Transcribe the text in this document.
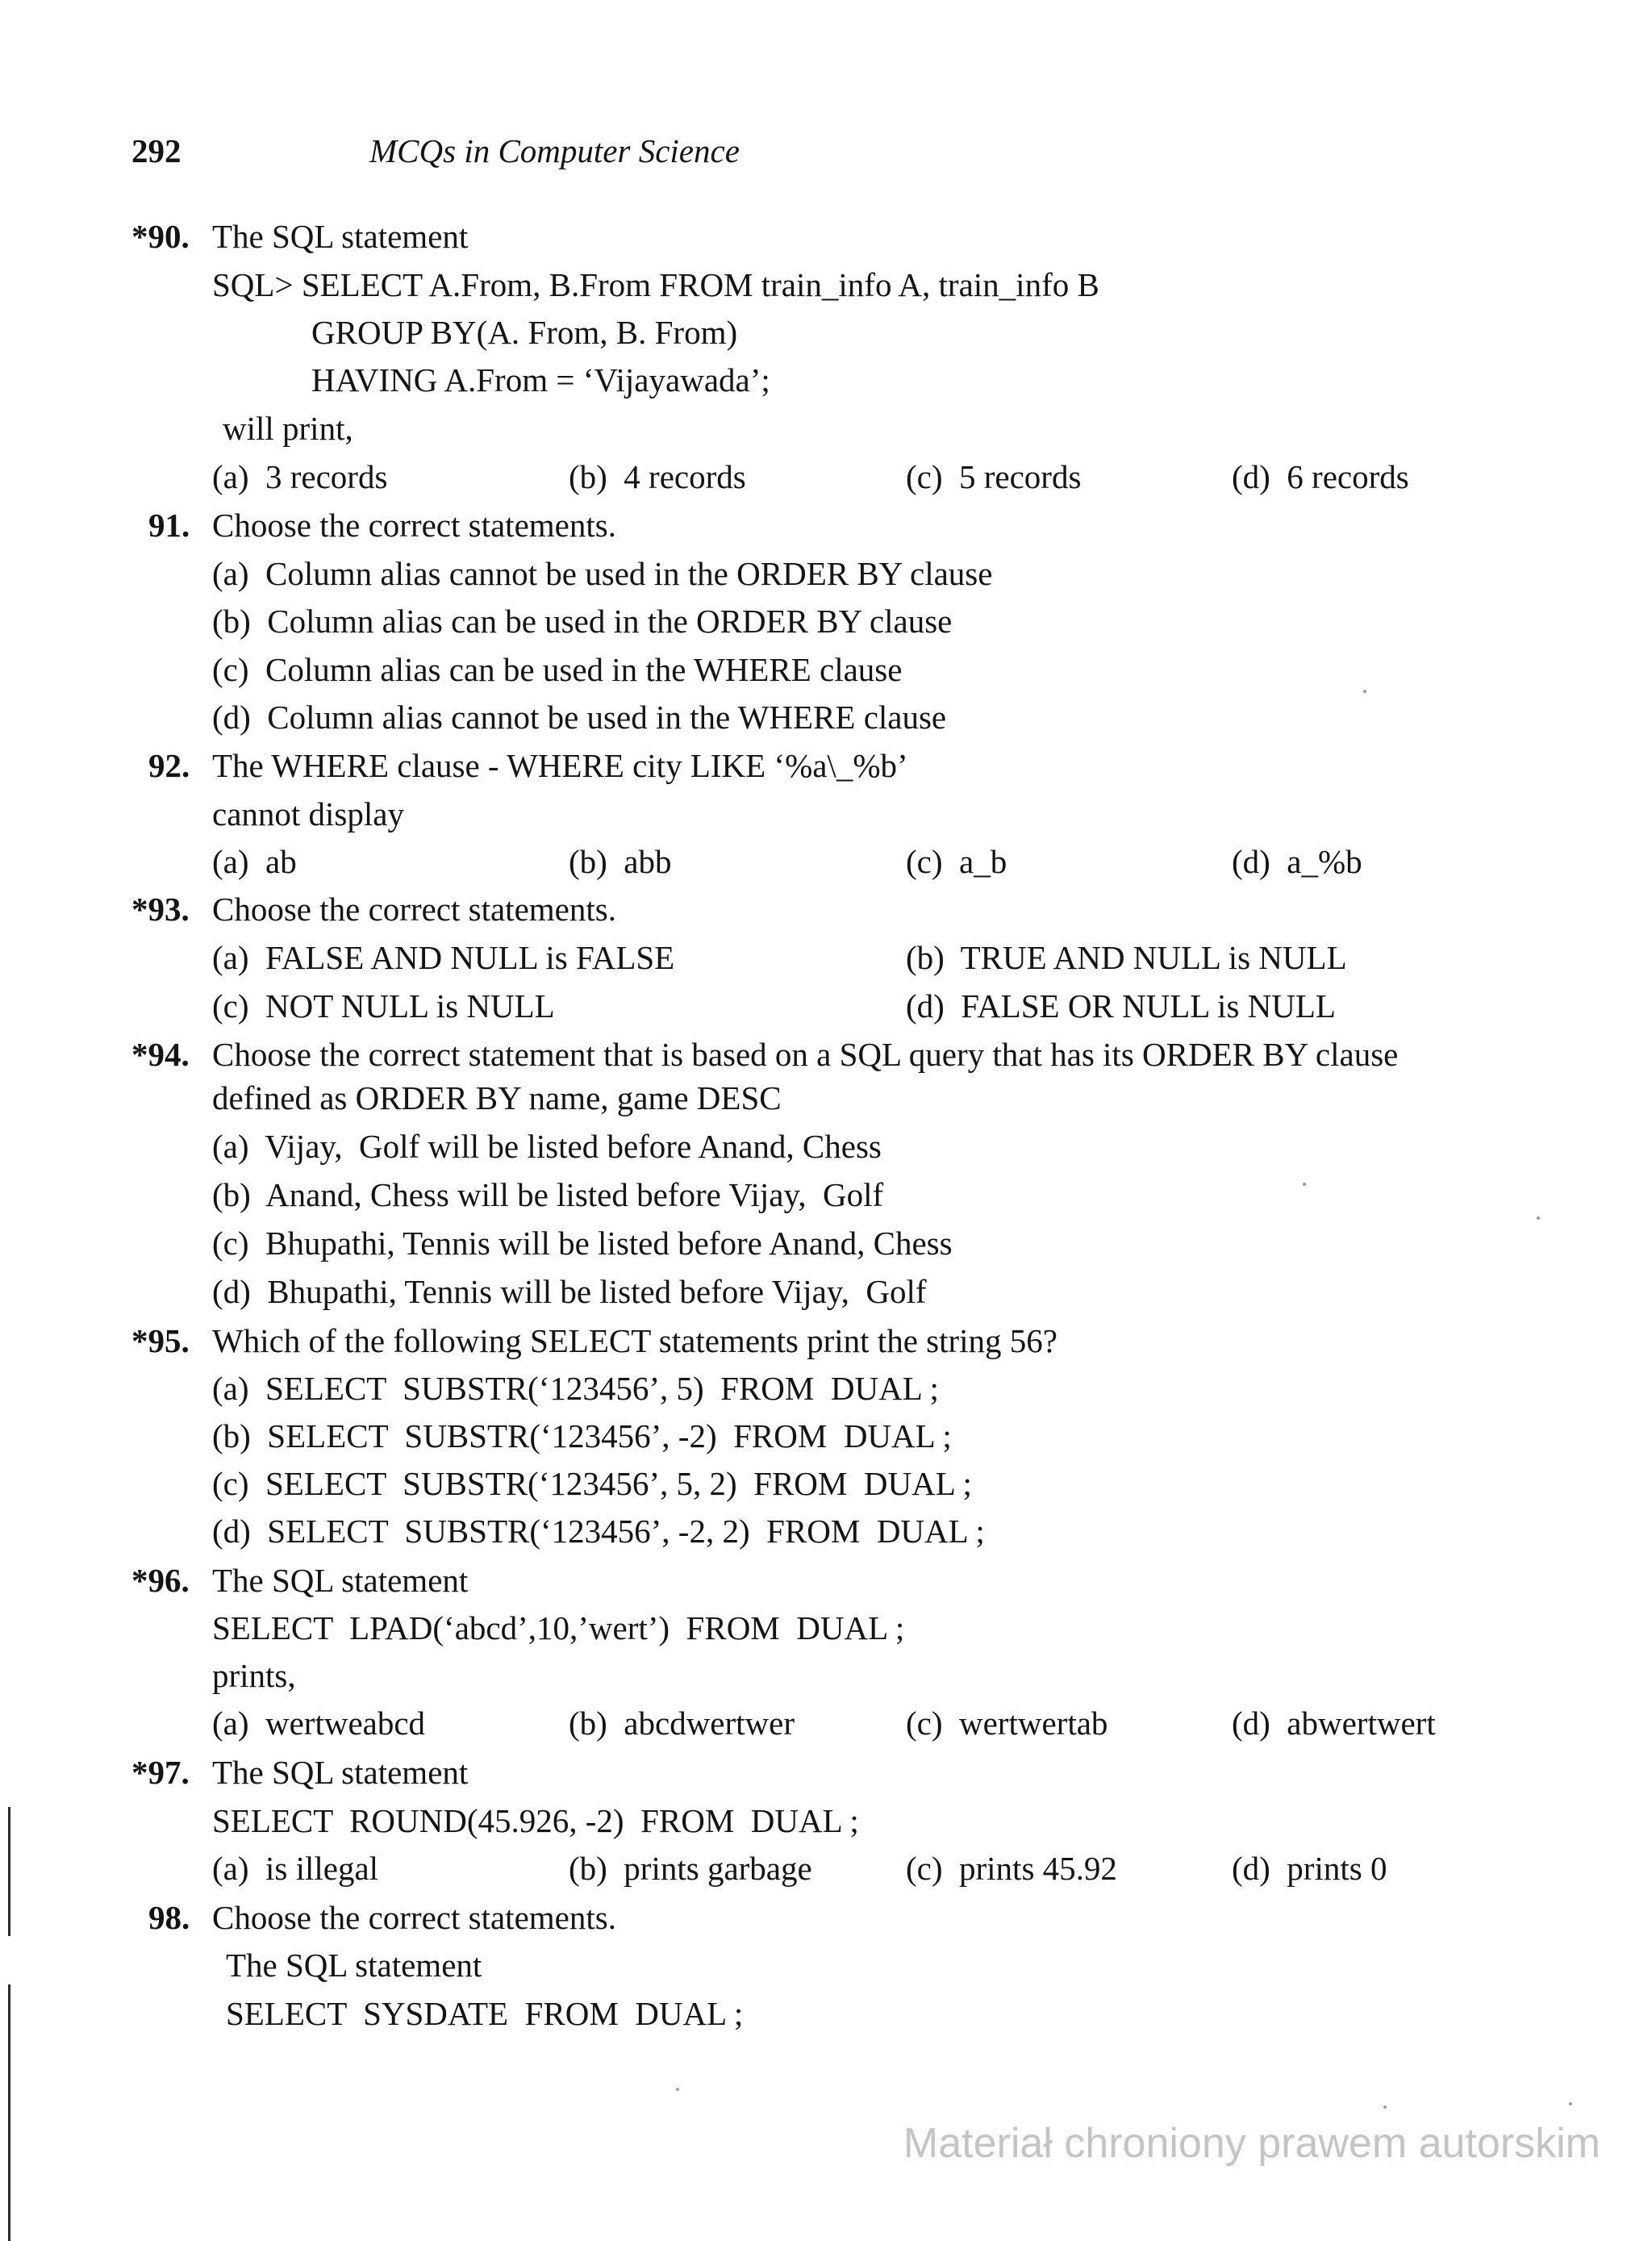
292	MCQs in Computer Science
*90. The SQL statement
SQL> SELECT A.From, B.From FROM train_info A, train_info B
GROUP BY(A. From, B. From)
HAVING A.From = ‘Vijayawada’;
will print,
(a)  3 records	(b)  4 records	(c)  5 records	(d)  6 records
91. Choose the correct statements.
(a)  Column alias cannot be used in the ORDER BY clause
(b)  Column alias can be used in the ORDER BY clause
(c)  Column alias can be used in the WHERE clause
(d)  Column alias cannot be used in the WHERE clause
92. The WHERE clause - WHERE city LIKE ‘%a\_%b’
cannot display
(a)  ab	(b)  abb	(c)  a_b	(d)  a_%b
*93. Choose the correct statements.
(a)  FALSE AND NULL is FALSE	(b)  TRUE AND NULL is NULL
(c)  NOT NULL is NULL	(d)  FALSE OR NULL is NULL
*94. Choose the correct statement that is based on a SQL query that has its ORDER BY clause
defined as ORDER BY name, game DESC
(a)  Vijay,  Golf will be listed before Anand, Chess
(b)  Anand, Chess will be listed before Vijay,  Golf
(c)  Bhupathi, Tennis will be listed before Anand, Chess
(d)  Bhupathi, Tennis will be listed before Vijay,  Golf
*95. Which of the following SELECT statements print the string 56?
(a)  SELECT  SUBSTR(‘123456’, 5)  FROM  DUAL ;
(b)  SELECT  SUBSTR(‘123456’, -2)  FROM  DUAL ;
(c)  SELECT  SUBSTR(‘123456’, 5, 2)  FROM  DUAL ;
(d)  SELECT  SUBSTR(‘123456’, -2, 2)  FROM  DUAL ;
*96. The SQL statement
SELECT  LPAD(‘abcd’,10,’wert’)  FROM  DUAL ;
prints,
(a)  wertweabcd	(b)  abcdwertwer	(c)  wertwertab	(d)  abwertwert
*97. The SQL statement
SELECT  ROUND(45.926, -2)  FROM  DUAL ;
(a)  is illegal	(b)  prints garbage	(c)  prints 45.92	(d)  prints 0
98. Choose the correct statements.
The SQL statement
SELECT  SYSDATE  FROM  DUAL ;
Materiał chroniony prawem autorskim
